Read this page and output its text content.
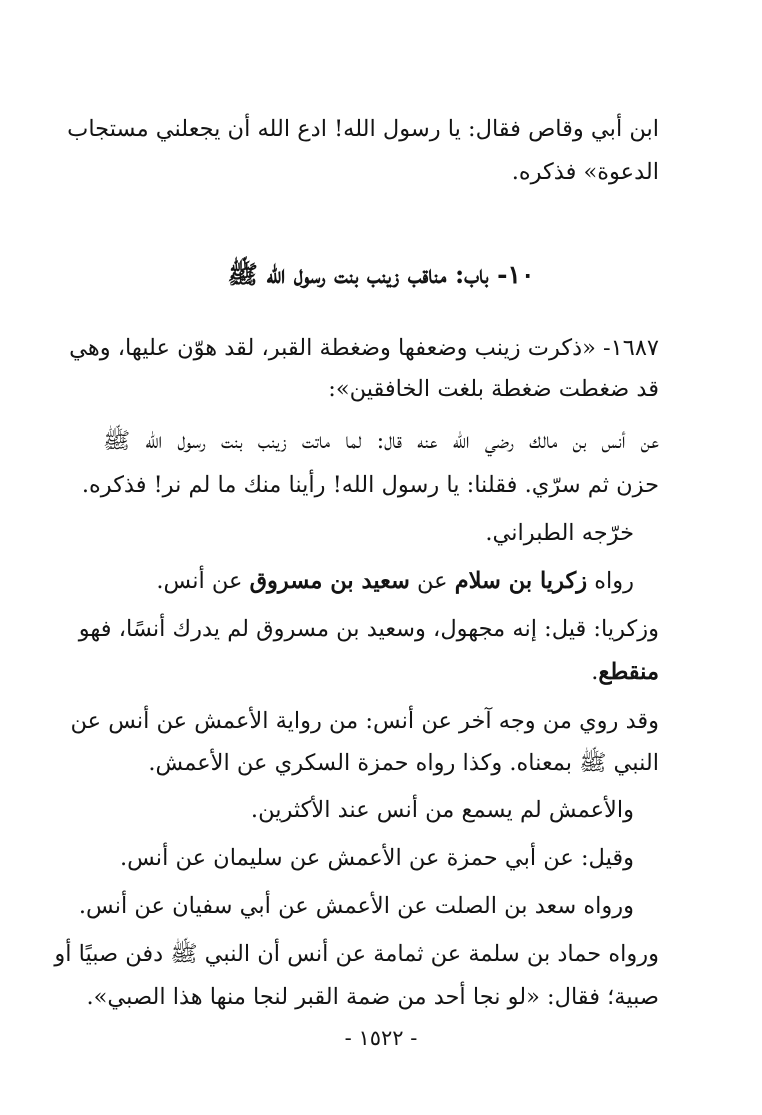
ابن أبي وقاص فقال: يا رسول الله! ادع الله أن يجعلني مستجاب
الدعوة» فذكره.
١٠- باب: مناقب زينب بنت رسول الله ﷺ
١٦٨٧- «ذكرت زينب وضعفها وضغطة القبر، لقد هوّن عليها، وهي
قد ضغطت ضغطة بلغت الخافقين»:
عن أنس بن مالك رضي الله عنه قال: لما ماتت زينب بنت رسول الله ﷺ
حزن ثم سرّي. فقلنا: يا رسول الله! رأينا منك ما لم نر! فذكره.
خرّجه الطبراني.
رواه زكريا بن سلام عن سعيد بن مسروق عن أنس.
وزكريا: قيل: إنه مجهول، وسعيد بن مسروق لم يدرك أنسًا، فهو
منقطع.
وقد روي من وجه آخر عن أنس: من رواية الأعمش عن أنس عن
النبي ﷺ بمعناه. وكذا رواه حمزة السكري عن الأعمش.
والأعمش لم يسمع من أنس عند الأكثرين.
وقيل: عن أبي حمزة عن الأعمش عن سليمان عن أنس.
ورواه سعد بن الصلت عن الأعمش عن أبي سفيان عن أنس.
ورواه حماد بن سلمة عن ثمامة عن أنس أن النبي ﷺ دفن صبيًا أو
صبية؛ فقال: «لو نجا أحد من ضمة القبر لنجا منها هذا الصبي».
- ١٥٢٢ -
